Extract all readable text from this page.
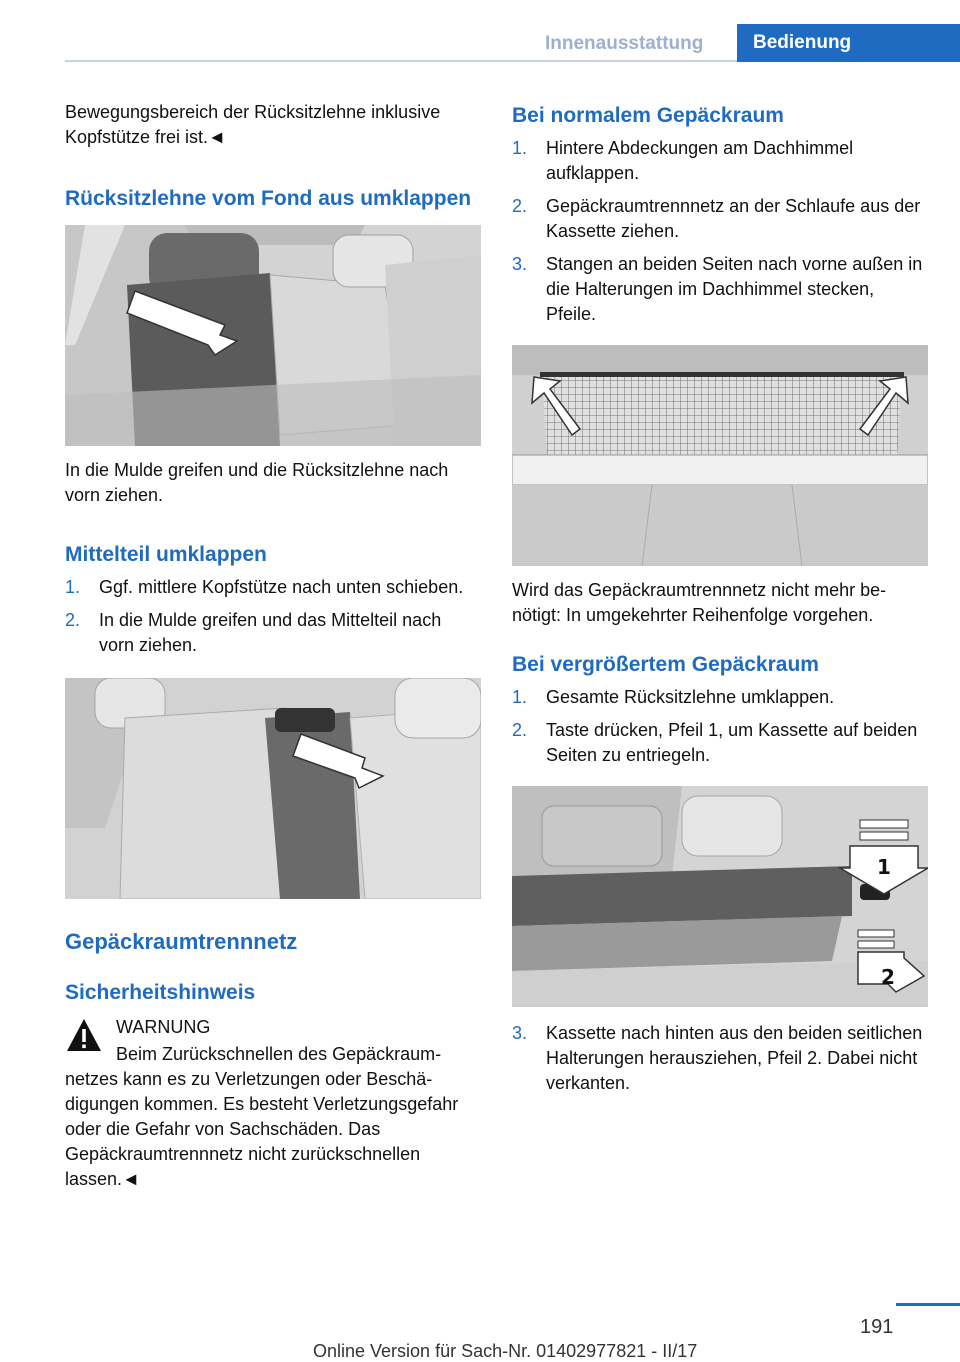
Innenausstattung	Bedienung

Bewegungsbereich der Rücksitzlehne inklusive Kopfstütze frei ist.◄

Rücksitzlehne vom Fond aus umklappen

In die Mulde greifen und die Rücksitzlehne nach vorn ziehen.

Mittelteil umklappen
1. Ggf. mittlere Kopfstütze nach unten schieben.
2. In die Mulde greifen und das Mittelteil nach vorn ziehen.
Gepäckraumtrennnetz
Sicherheitshinweis

WARNUNG

Beim Zurückschnellen des Gepäckraumnetzes kann es zu Verletzungen oder Beschädigungen kommen. Es besteht Verletzungsgefahr oder die Gefahr von Sachschäden. Das Gepäckraumtrennnetz nicht zurückschnellen lassen.◄

Bei normalem Gepäckraum
1. Hintere Abdeckungen am Dachhimmel aufklappen.
2. Gepäckraumtrennnetz an der Schlaufe aus der Kassette ziehen.
3. Stangen an beiden Seiten nach vorne außen in die Halterungen im Dachhimmel stecken, Pfeile.

Wird das Gepäckraumtrennnetz nicht mehr benötigt: In umgekehrter Reihenfolge vorgehen.

Bei vergrößertem Gepäckraum
1. Gesamte Rücksitzlehne umklappen.
2. Taste drücken, Pfeil 1, um Kassette auf beiden Seiten zu entriegeln.
1
2
3. Kassette nach hinten aus den beiden seitlichen Halterungen herausziehen, Pfeil 2. Dabei nicht verkanten.
191
Online Version für Sach-Nr. 01402977821 - II/17
